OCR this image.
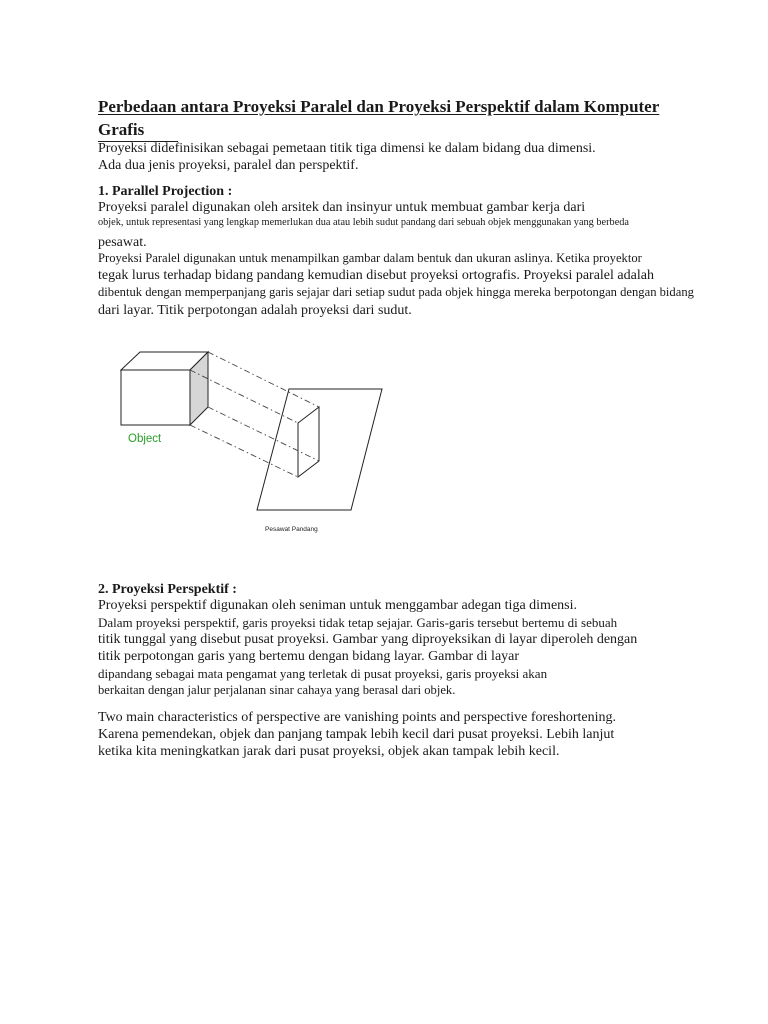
Perbedaan antara Proyeksi Paralel dan Proyeksi Perspektif dalam Komputer
Grafis
Proyeksi didefinisikan sebagai pemetaan titik tiga dimensi ke dalam bidang dua dimensi.
Ada dua jenis proyeksi, paralel dan perspektif.
1. Parallel Projection :
Proyeksi paralel digunakan oleh arsitek dan insinyur untuk membuat gambar kerja dari
objek, untuk representasi yang lengkap memerlukan dua atau lebih sudut pandang dari sebuah objek menggunakan yang berbeda
pesawat.
Proyeksi Paralel digunakan untuk menampilkan gambar dalam bentuk dan ukuran aslinya. Ketika proyektor
tegak lurus terhadap bidang pandang kemudian disebut proyeksi ortografis. Proyeksi paralel adalah
dibentuk dengan memperpanjang garis sejajar dari setiap sudut pada objek hingga mereka berpotongan dengan bidang
dari layar. Titik perpotongan adalah proyeksi dari sudut.
Object
Pesawat Pandang
2. Proyeksi Perspektif :
Proyeksi perspektif digunakan oleh seniman untuk menggambar adegan tiga dimensi.
Dalam proyeksi perspektif, garis proyeksi tidak tetap sejajar. Garis-garis tersebut bertemu di sebuah
titik tunggal yang disebut pusat proyeksi. Gambar yang diproyeksikan di layar diperoleh dengan
titik perpotongan garis yang bertemu dengan bidang layar. Gambar di layar
dipandang sebagai mata pengamat yang terletak di pusat proyeksi, garis proyeksi akan
berkaitan dengan jalur perjalanan sinar cahaya yang berasal dari objek.
Two main characteristics of perspective are vanishing points and perspective foreshortening.
Karena pemendekan, objek dan panjang tampak lebih kecil dari pusat proyeksi. Lebih lanjut
ketika kita meningkatkan jarak dari pusat proyeksi, objek akan tampak lebih kecil.
